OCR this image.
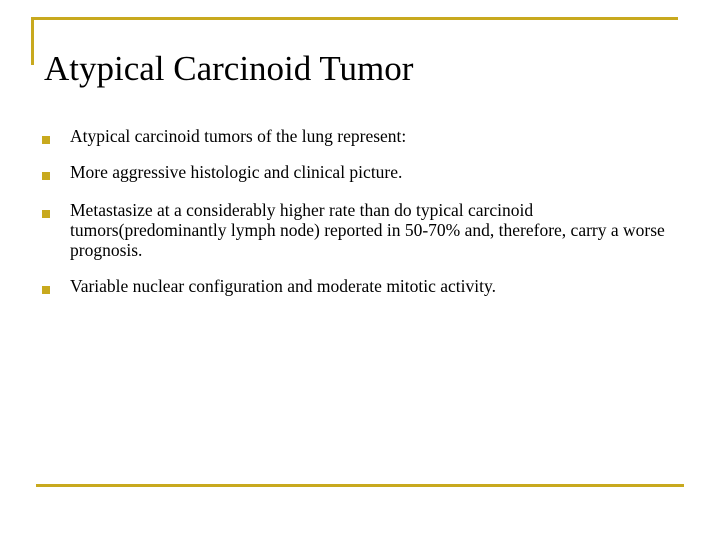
Atypical Carcinoid Tumor
Atypical carcinoid tumors of the lung represent:
More aggressive histologic and clinical picture.
Metastasize at a considerably higher rate than do typical carcinoid tumors(predominantly lymph node) reported in 50-70% and, therefore, carry a worse prognosis.
Variable nuclear configuration and moderate mitotic activity.
